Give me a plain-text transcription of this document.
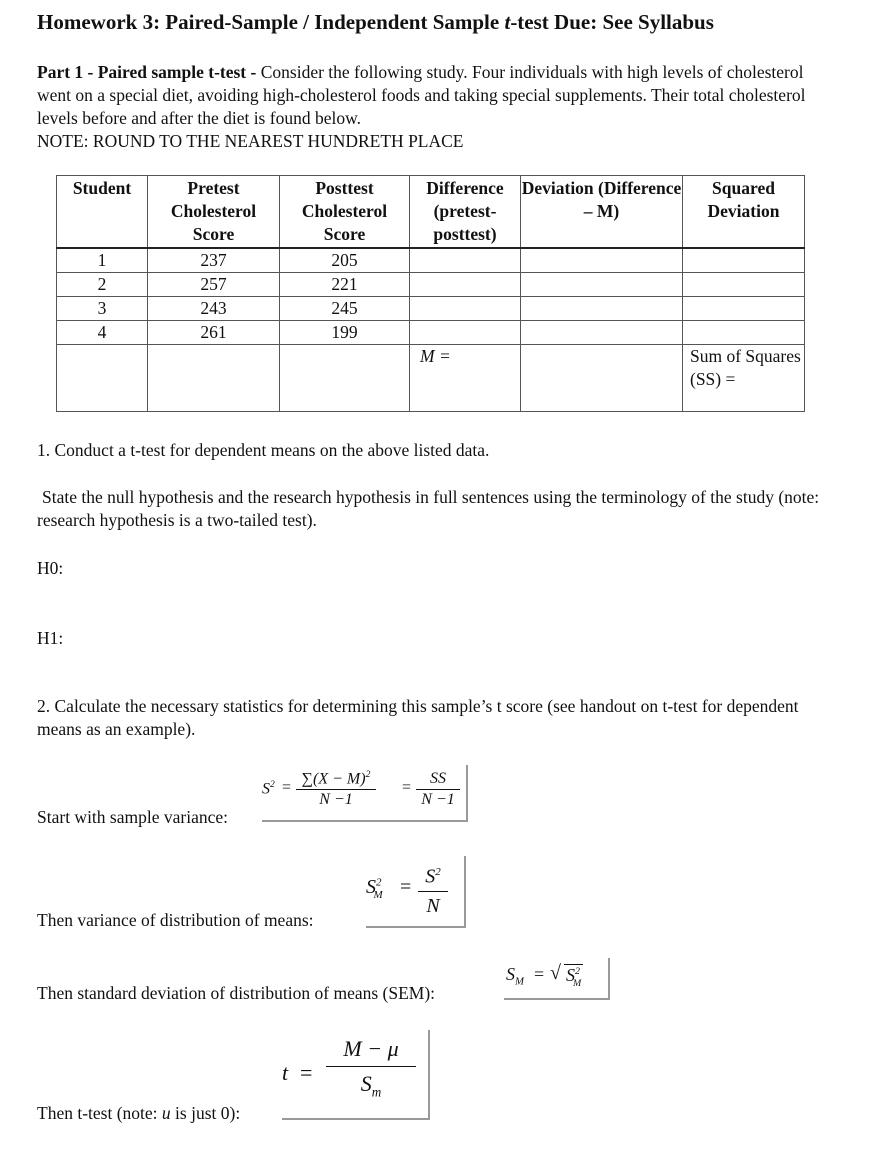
Homework 3: Paired-Sample / Independent Sample t-test Due: See Syllabus
Part 1 - Paired sample t-test - Consider the following study. Four individuals with high levels of cholesterol went on a special diet, avoiding high-cholesterol foods and taking special supplements. Their total cholesterol levels before and after the diet is found below.
NOTE: ROUND TO THE NEAREST HUNDRETH PLACE
Student	Pretest Cholesterol Score	Posttest Cholesterol Score	Difference (pretest- posttest)	Deviation (Difference – M)	Squared Deviation
1	237	205			
2	257	221			
3	243	245			
4	261	199			
			M =		Sum of Squares (SS) =
1. Conduct a t-test for dependent means on the above listed data.
State the null hypothesis and the research hypothesis in full sentences using the terminology of the study (note: research hypothesis is a two-tailed test).
H0:
H1:
2. Calculate the necessary statistics for determining this sample’s t score (see handout on t-test for dependent means as an example).
Start with sample variance:
$S^2$ =
$\sum(X - M)^2$
N −1
=
SS
N −1
Then variance of distribution of means:
$S^2_M = S^2$
N
Then standard deviation of distribution of means (SEM):
$S_M$ = √ $S^2_M$
Then t-test (note: u is just 0):
t =
M − μ
$S_m$
